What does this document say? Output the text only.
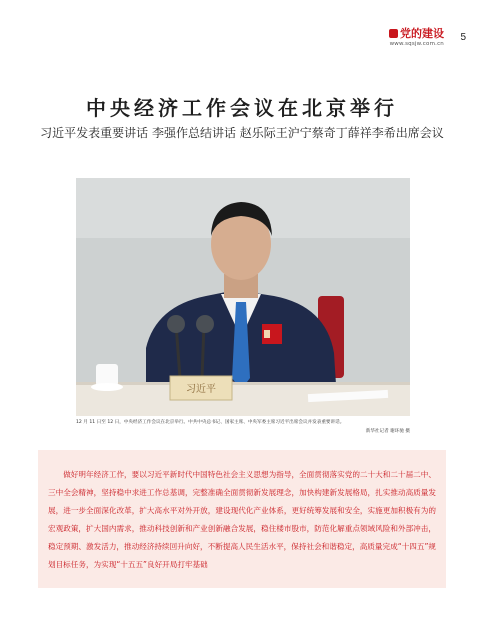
党的建设
www.sqsjw.com.cn
5
中央经济工作会议在北京举行
习近平发表重要讲话 李强作总结讲话 赵乐际王沪宁蔡奇丁薛祥李希出席会议
习近平
12 月 11 日至 12 日，中央经济工作会议在北京举行。中共中央总书记、国家主席、中央军委主席习近平出席会议并发表重要讲话。
新华社记者 谢环驰 摄
做好明年经济工作，要以习近平新时代中国特色社会主义思想为指导，全面贯彻落实党的二十大和二十届二中、三中全会精神，坚持稳中求进工作总基调，完整准确全面贯彻新发展理念，加快构建新发展格局，扎实推动高质量发展，进一步全面深化改革，扩大高水平对外开放，建设现代化产业体系，更好统筹发展和安全，实施更加积极有为的宏观政策，扩大国内需求，推动科技创新和产业创新融合发展，稳住楼市股市，防范化解重点领域风险和外部冲击，稳定预期、激发活力，推动经济持续回升向好，不断提高人民生活水平，保持社会和谐稳定，高质量完成“十四五”规划目标任务，为实现“十五五”良好开局打牢基础
